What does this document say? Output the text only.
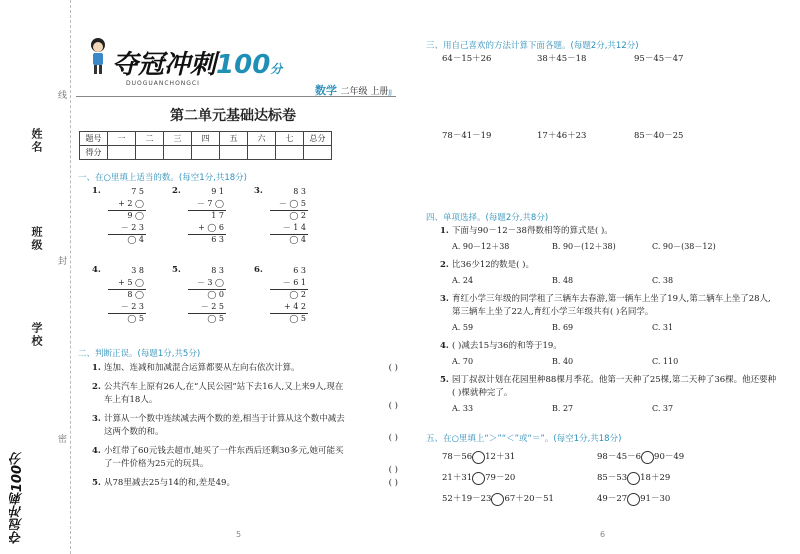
姓名
班级
学校
线
封
密
夺冠冲刺100分
夺冠冲刺100分
DUOGUANCHONGCI
数学 二年级 上册JJ
第二单元基础达标卷
题号	一	二	三	四	五	六	七	总分
得分								
一、在○里填上适当的数。(每空1分,共18分)
1.	7 5
+ 2 ◯
9 ◯
－ 2 3
◯ 4
2.	9 1
－ 7 ◯
1 7
+ ◯ 6
6 3
3.	8 3
－ ◯ 5
◯ 2
－ 1 4
◯ 4
4.	3 8
+ 5 ◯
8 ◯
－ 2 3
◯ 5
5.	8 3
－ 3 ◯
◯ 0
－ 2 5
◯ 5
6.	6 3
－ 6 1
◯ 2
+ 4 2
◯ 5
二、判断正误。(每题1分,共5分)
1. 连加、连减和加减混合运算都要从左向右依次计算。	( )
2. 公共汽车上原有26人,在“人民公园”站下去16人,又上来9人,现在车上有18人。
( )
3. 计算从一个数中连续减去两个数的差,相当于计算从这个数中减去这两个数的和。
( )
4. 小红带了60元钱去超市,她买了一件东西后还剩30多元,她可能买了一件价格为25元的玩具。
( )
5. 从78里减去25与14的和,差是49。	( )
5
三、用自己喜欢的方法计算下面各题。(每题2分,共12分)
64－15＋26	38＋45－18	95－45－47
78－41－19	17＋46＋23	85－40－25
四、单项选择。(每题2分,共8分)
1. 下面与90－12－38得数相等的算式是( )。
A. 90－12＋38	B. 90－(12＋38)	C. 90－(38－12)
2. 比36少12的数是( )。
A. 24	B. 48	C. 38
3. 育红小学三年级的同学租了三辆车去春游,第一辆车上坐了19人,第二辆车上坐了28人,第三辆车上坐了22人,育红小学三年级共有( )名同学。
A. 59	B. 69	C. 31
4. ( )减去15与36的和等于19。
A. 70	B. 40	C. 110
5. 园丁叔叔计划在花园里种88棵月季花。他第一天种了25棵,第二天种了36棵。他还要种( )棵就种完了。
A. 33	B. 27	C. 37
五、在○里填上“＞”“＜”或“＝”。(每空1分,共18分)
78－56 12＋31	98－45－6 90－49
21＋31 79－20	85－53 18＋29
52＋19－23 67＋20－51	49－27 91－30
6
